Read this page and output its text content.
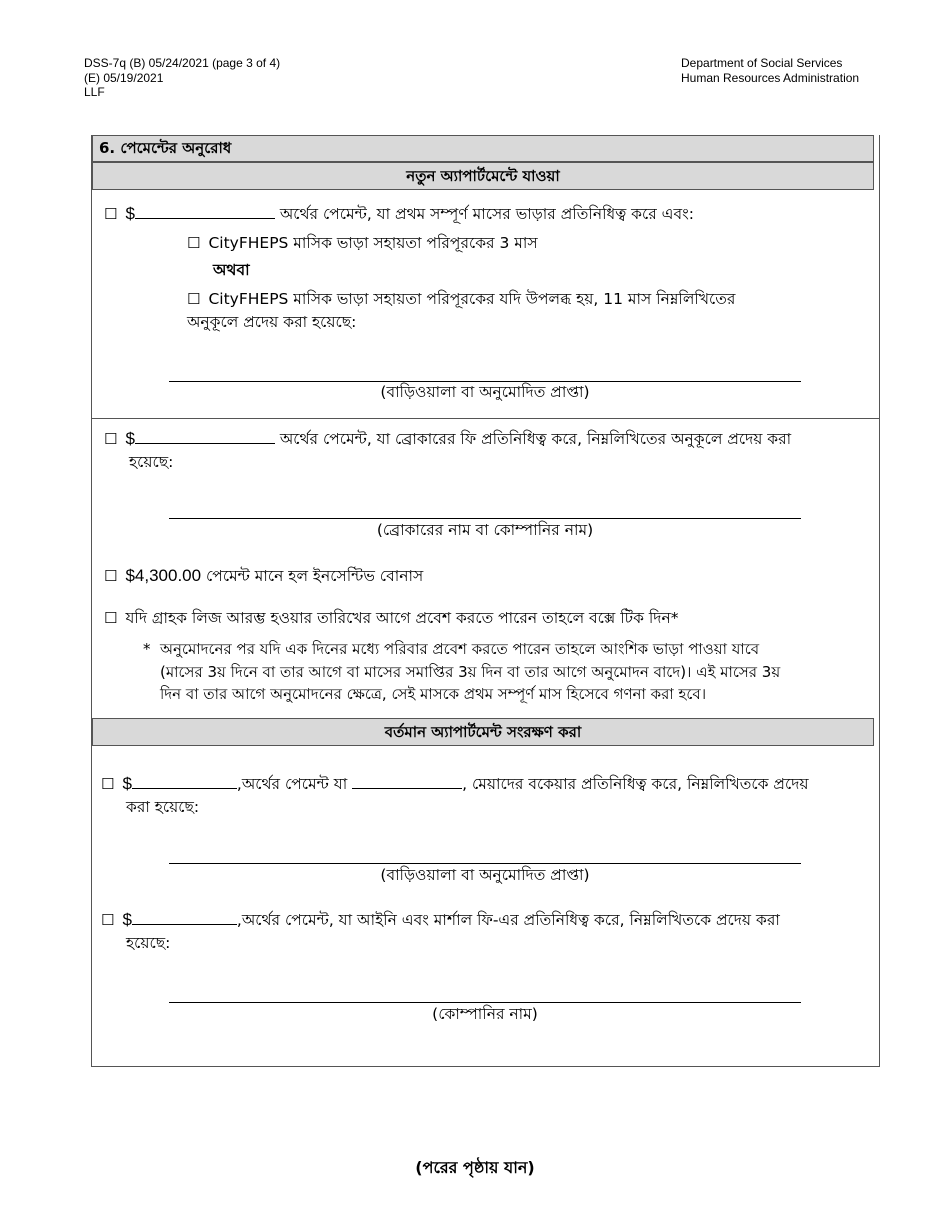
DSS-7q (B) 05/24/2021 (page 3 of 4)
(E) 05/19/2021
LLF
Department of Social Services
Human Resources Administration
6. পেমেন্টের অনুরোধ
নতুন অ্যাপার্টমেন্টে যাওয়া
☐ $	অর্থের পেমেন্ট, যা প্রথম সম্পূর্ণ মাসের ভাড়ার প্রতিনিধিত্ব করে এবং:
☐ CityFHEPS মাসিক ভাড়া সহায়তা পরিপূরকের 3 মাস
অথবা
☐ CityFHEPS মাসিক ভাড়া সহায়তা পরিপূরকের যদি উপলব্ধ হয়, 11 মাস নিম্নলিখিতের
অনুকূলে প্রদেয় করা হয়েছে:
(বাড়িওয়ালা বা অনুমোদিত প্রাপ্তা)
☐ $	অর্থের পেমেন্ট, যা ব্রোকারের ফি প্রতিনিধিত্ব করে, নিম্নলিখিতের অনুকূলে প্রদেয় করা
হয়েছে:
(ব্রোকারের নাম বা কোম্পানির নাম)
☐ $4,300.00 পেমেন্ট মানে হল ইনসেন্টিভ বোনাস
☐ যদি গ্রাহক লিজ আরম্ভ হওয়ার তারিখের আগে প্রবেশ করতে পারেন তাহলে বক্সে টিক দিন*
* অনুমোদনের পর যদি এক দিনের মধ্যে পরিবার প্রবেশ করতে পারেন তাহলে আংশিক ভাড়া পাওয়া যাবে
(মাসের 3য় দিনে বা তার আগে বা মাসের সমাপ্তির 3য় দিন বা তার আগে অনুমোদন বাদে)। এই মাসের 3য়
দিন বা তার আগে অনুমোদনের ক্ষেত্রে, সেই মাসকে প্রথম সম্পূর্ণ মাস হিসেবে গণনা করা হবে।
বর্তমান অ্যাপার্টমেন্ট সংরক্ষণ করা
☐ $	,অর্থের পেমেন্ট যা	, মেয়াদের বকেয়ার প্রতিনিধিত্ব করে, নিম্নলিখিতকে প্রদেয়
করা হয়েছে:
(বাড়িওয়ালা বা অনুমোদিত প্রাপ্তা)
☐ $	,অর্থের পেমেন্ট, যা আইনি এবং মার্শাল ফি-এর প্রতিনিধিত্ব করে, নিম্নলিখিতকে প্রদেয় করা
হয়েছে:
(কোম্পানির নাম)
(পরের পৃষ্ঠায় যান)
